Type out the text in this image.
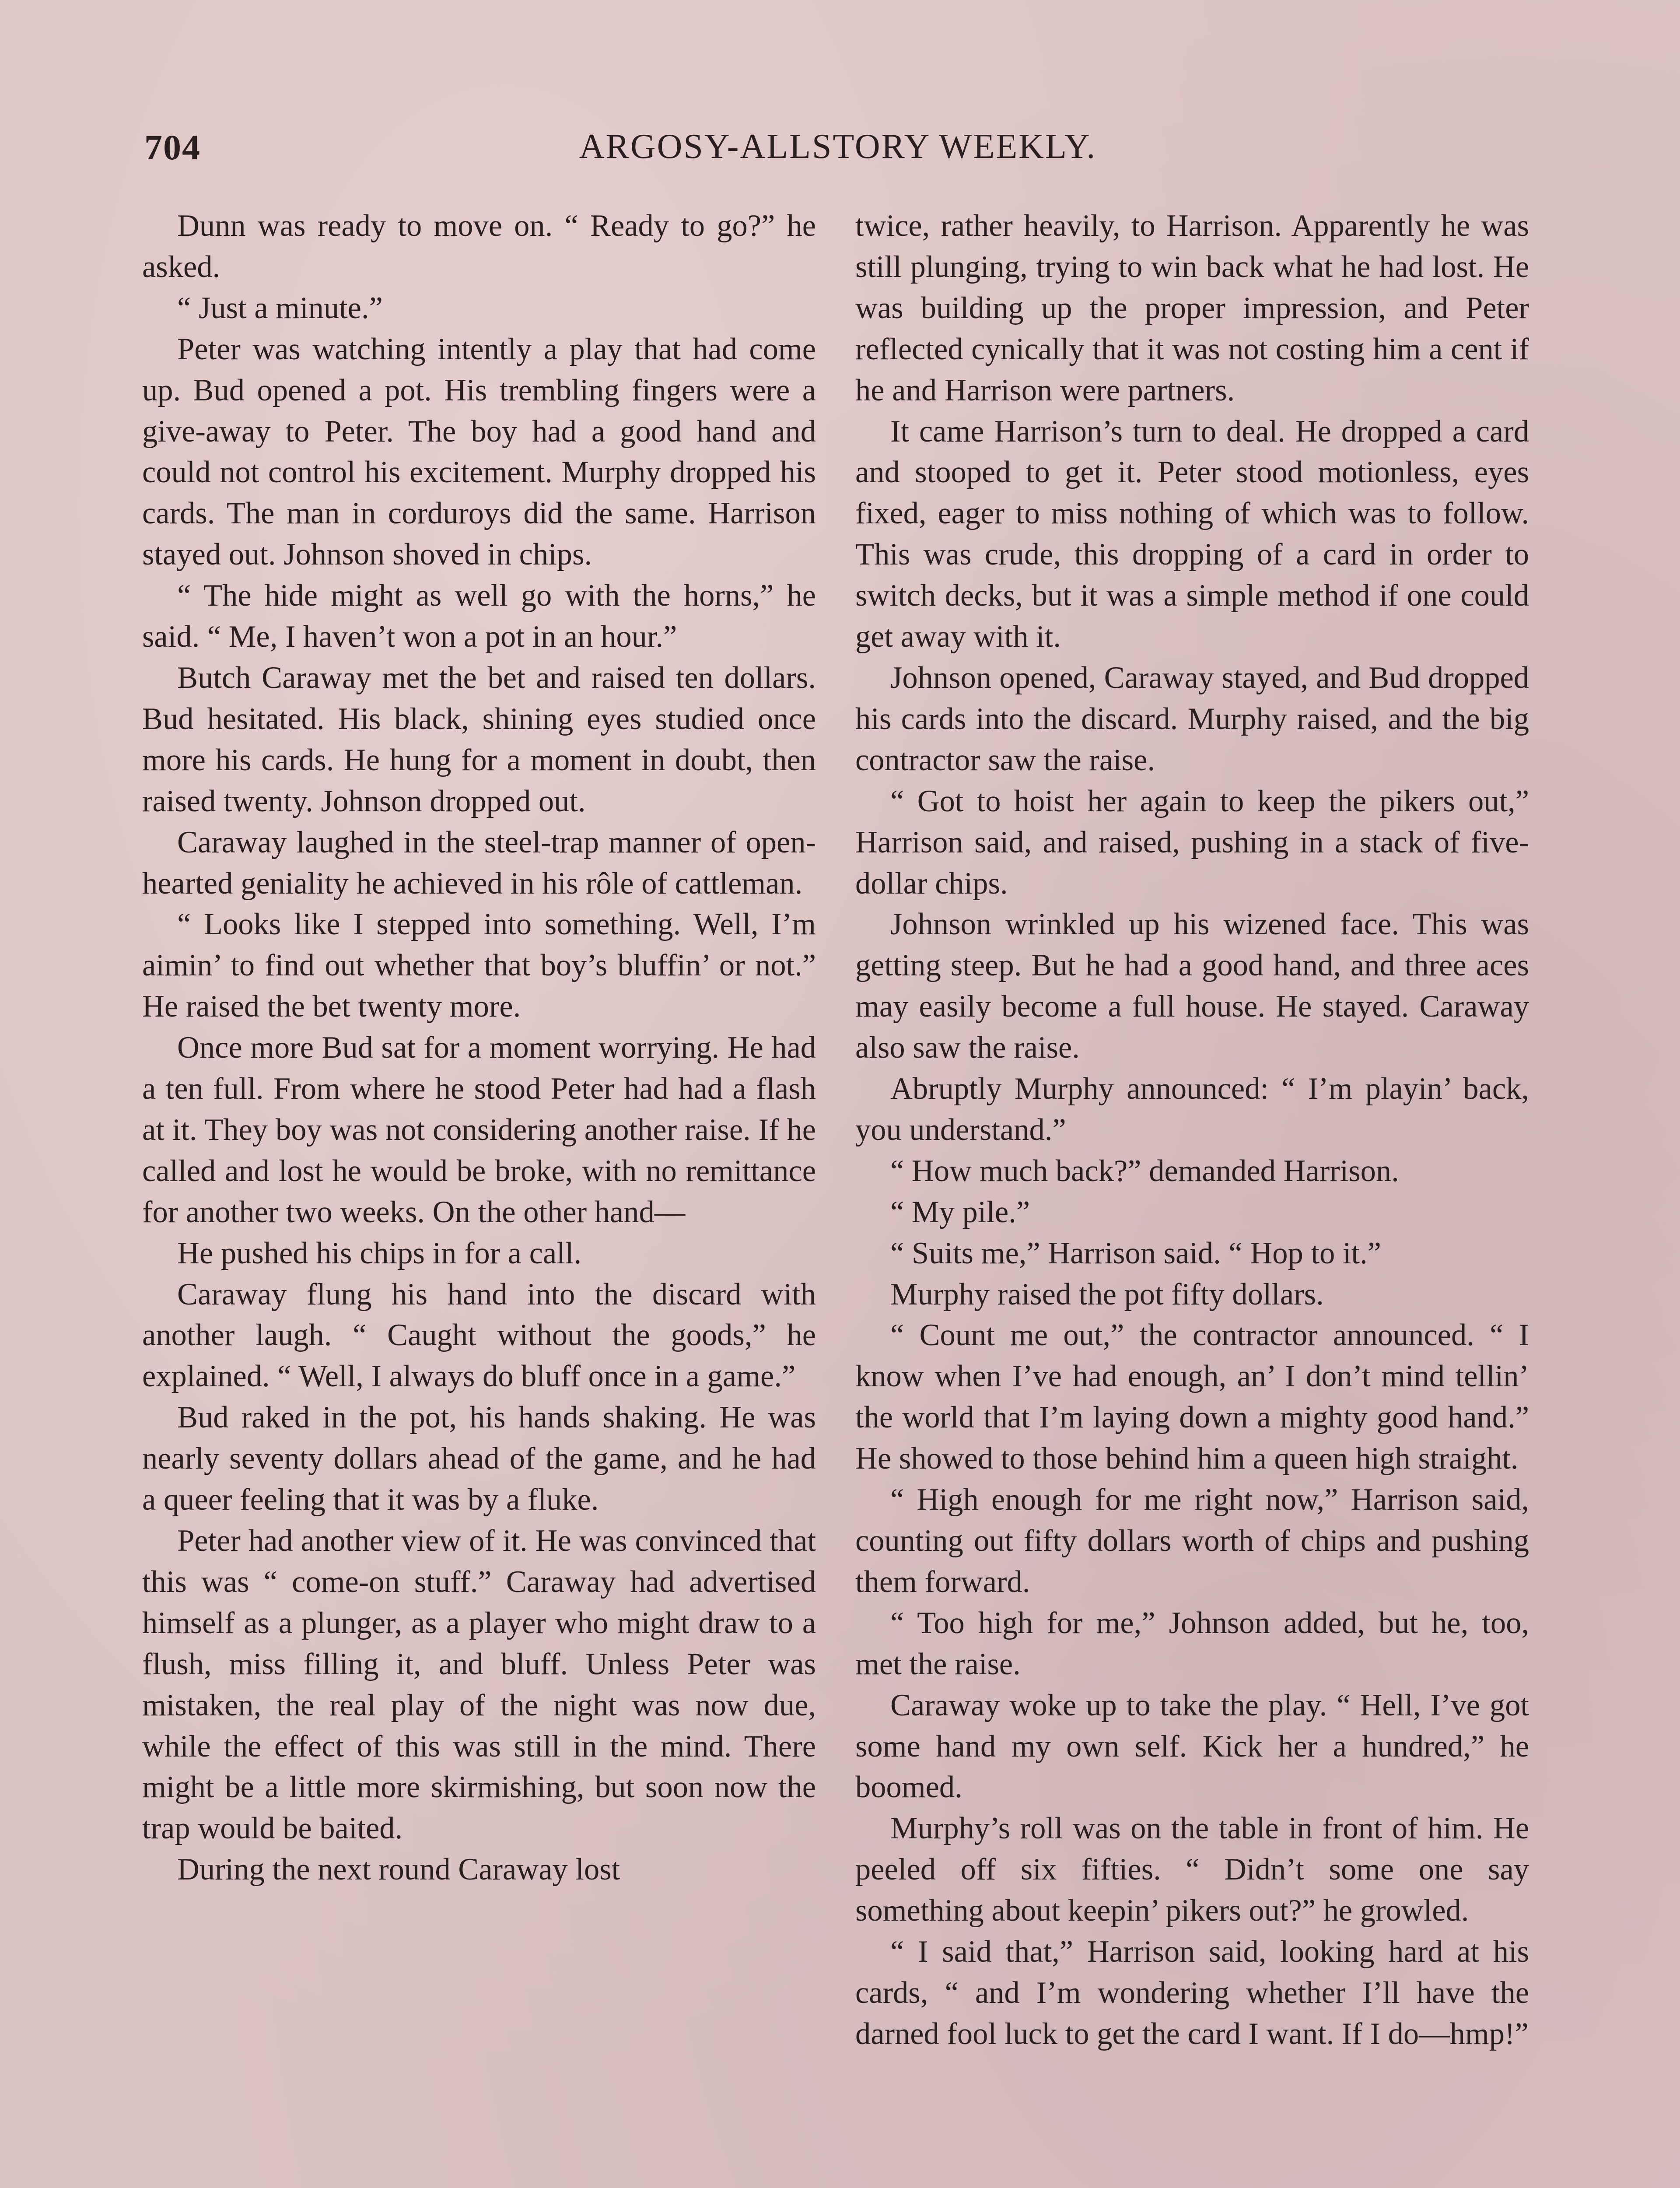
704	ARGOSY-ALLSTORY WEEKLY.

Dunn was ready to move on. “ Ready to go?” he asked.

“ Just a minute.”

Peter was watching intently a play that had come up. Bud opened a pot. His trembling fingers were a give-away to Peter. The boy had a good hand and could not control his excitement. Murphy dropped his cards. The man in corduroys did the same. Harrison stayed out. Johnson shoved in chips.

“ The hide might as well go with the horns,” he said. “ Me, I haven’t won a pot in an hour.”

Butch Caraway met the bet and raised ten dollars. Bud hesitated. His black, shining eyes studied once more his cards. He hung for a moment in doubt, then raised twenty. Johnson dropped out.

Caraway laughed in the steel-trap manner of open-hearted geniality he achieved in his rôle of cattleman.

“ Looks like I stepped into something. Well, I’m aimin’ to find out whether that boy’s bluffin’ or not.” He raised the bet twenty more.

Once more Bud sat for a moment worrying. He had a ten full. From where he stood Peter had had a flash at it. They boy was not considering another raise. If he called and lost he would be broke, with no remittance for another two weeks. On the other hand—

He pushed his chips in for a call.

Caraway flung his hand into the discard with another laugh. “ Caught without the goods,” he explained. “ Well, I always do bluff once in a game.”

Bud raked in the pot, his hands shaking. He was nearly seventy dollars ahead of the game, and he had a queer feeling that it was by a fluke.

Peter had another view of it. He was convinced that this was “ come-on stuff.” Caraway had advertised himself as a plunger, as a player who might draw to a flush, miss filling it, and bluff. Unless Peter was mistaken, the real play of the night was now due, while the effect of this was still in the mind. There might be a little more skirmishing, but soon now the trap would be baited.

During the next round Caraway lost

twice, rather heavily, to Harrison. Apparently he was still plunging, trying to win back what he had lost. He was building up the proper impression, and Peter reflected cynically that it was not costing him a cent if he and Harrison were partners.

It came Harrison’s turn to deal. He dropped a card and stooped to get it. Peter stood motionless, eyes fixed, eager to miss nothing of which was to follow. This was crude, this dropping of a card in order to switch decks, but it was a simple method if one could get away with it.

Johnson opened, Caraway stayed, and Bud dropped his cards into the discard. Murphy raised, and the big contractor saw the raise.

“ Got to hoist her again to keep the pikers out,” Harrison said, and raised, pushing in a stack of five-dollar chips.

Johnson wrinkled up his wizened face. This was getting steep. But he had a good hand, and three aces may easily become a full house. He stayed. Caraway also saw the raise.

Abruptly Murphy announced: “ I’m playin’ back, you understand.”

“ How much back?” demanded Harrison.

“ My pile.”

“ Suits me,” Harrison said. “ Hop to it.”

Murphy raised the pot fifty dollars.

“ Count me out,” the contractor announced. “ I know when I’ve had enough, an’ I don’t mind tellin’ the world that I’m laying down a mighty good hand.” He showed to those behind him a queen high straight.

“ High enough for me right now,” Harrison said, counting out fifty dollars worth of chips and pushing them forward.

“ Too high for me,” Johnson added, but he, too, met the raise.

Caraway woke up to take the play. “ Hell, I’ve got some hand my own self. Kick her a hundred,” he boomed.

Murphy’s roll was on the table in front of him. He peeled off six fifties. “ Didn’t some one say something about keepin’ pikers out?” he growled.

“ I said that,” Harrison said, looking hard at his cards, “ and I’m wondering whether I’ll have the darned fool luck to get the card I want. If I do—hmp!”
